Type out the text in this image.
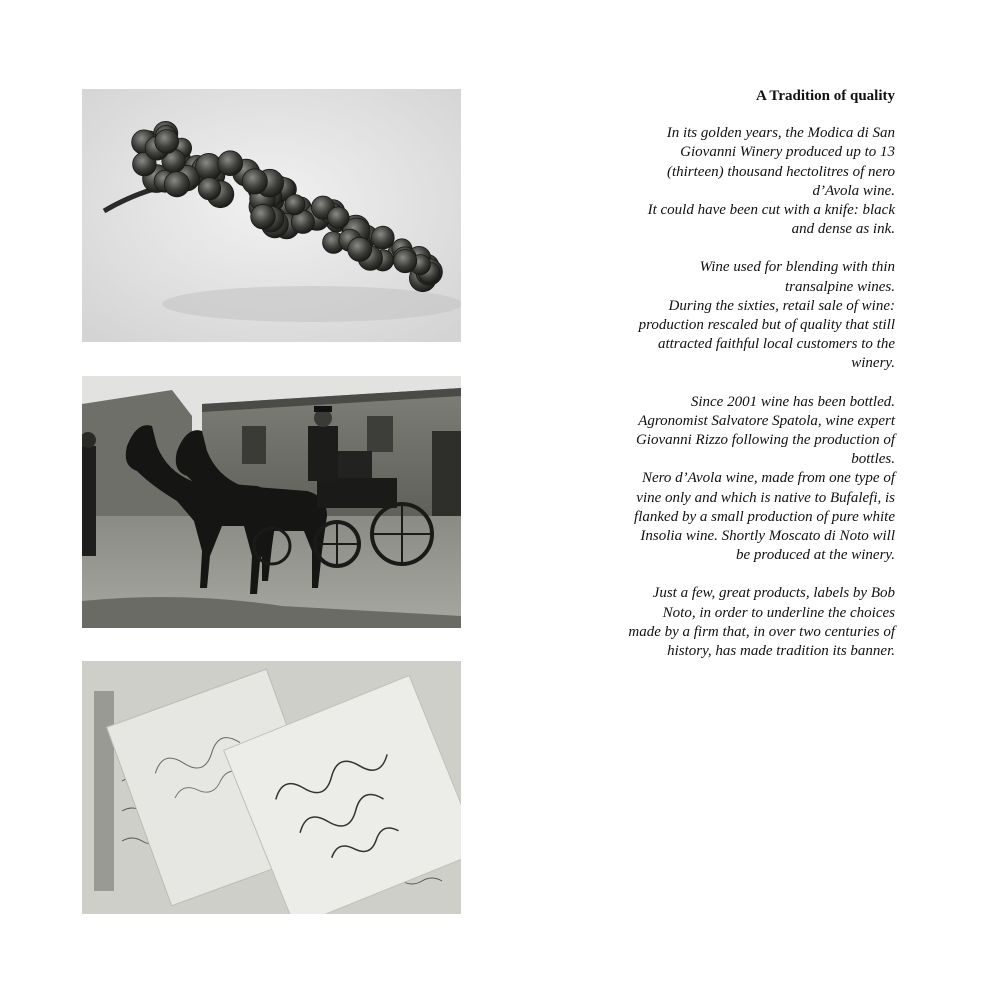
A Tradition of quality
In its golden years, the Modica di San Giovanni Winery produced up to 13 (thirteen) thousand hectolitres of nero d’Avola wine.
It could have been cut with a knife: black and dense as ink.
Wine used for blending with thin transalpine wines.
During the sixties, retail sale of wine: production rescaled but of quality that still attracted faithful local customers to the winery.
Since 2001 wine has been bottled. Agronomist Salvatore Spatola, wine expert Giovanni Rizzo following the production of bottles.
Nero d’Avola wine, made from one type of vine only and which is native to Bufalefi, is flanked by a small production of pure white Insolia wine. Shortly Moscato di Noto will be produced at the winery.
Just a few, great products, labels by Bob Noto, in order to underline the choices made by a firm that, in over two centuries of history, has made tradition its banner.
